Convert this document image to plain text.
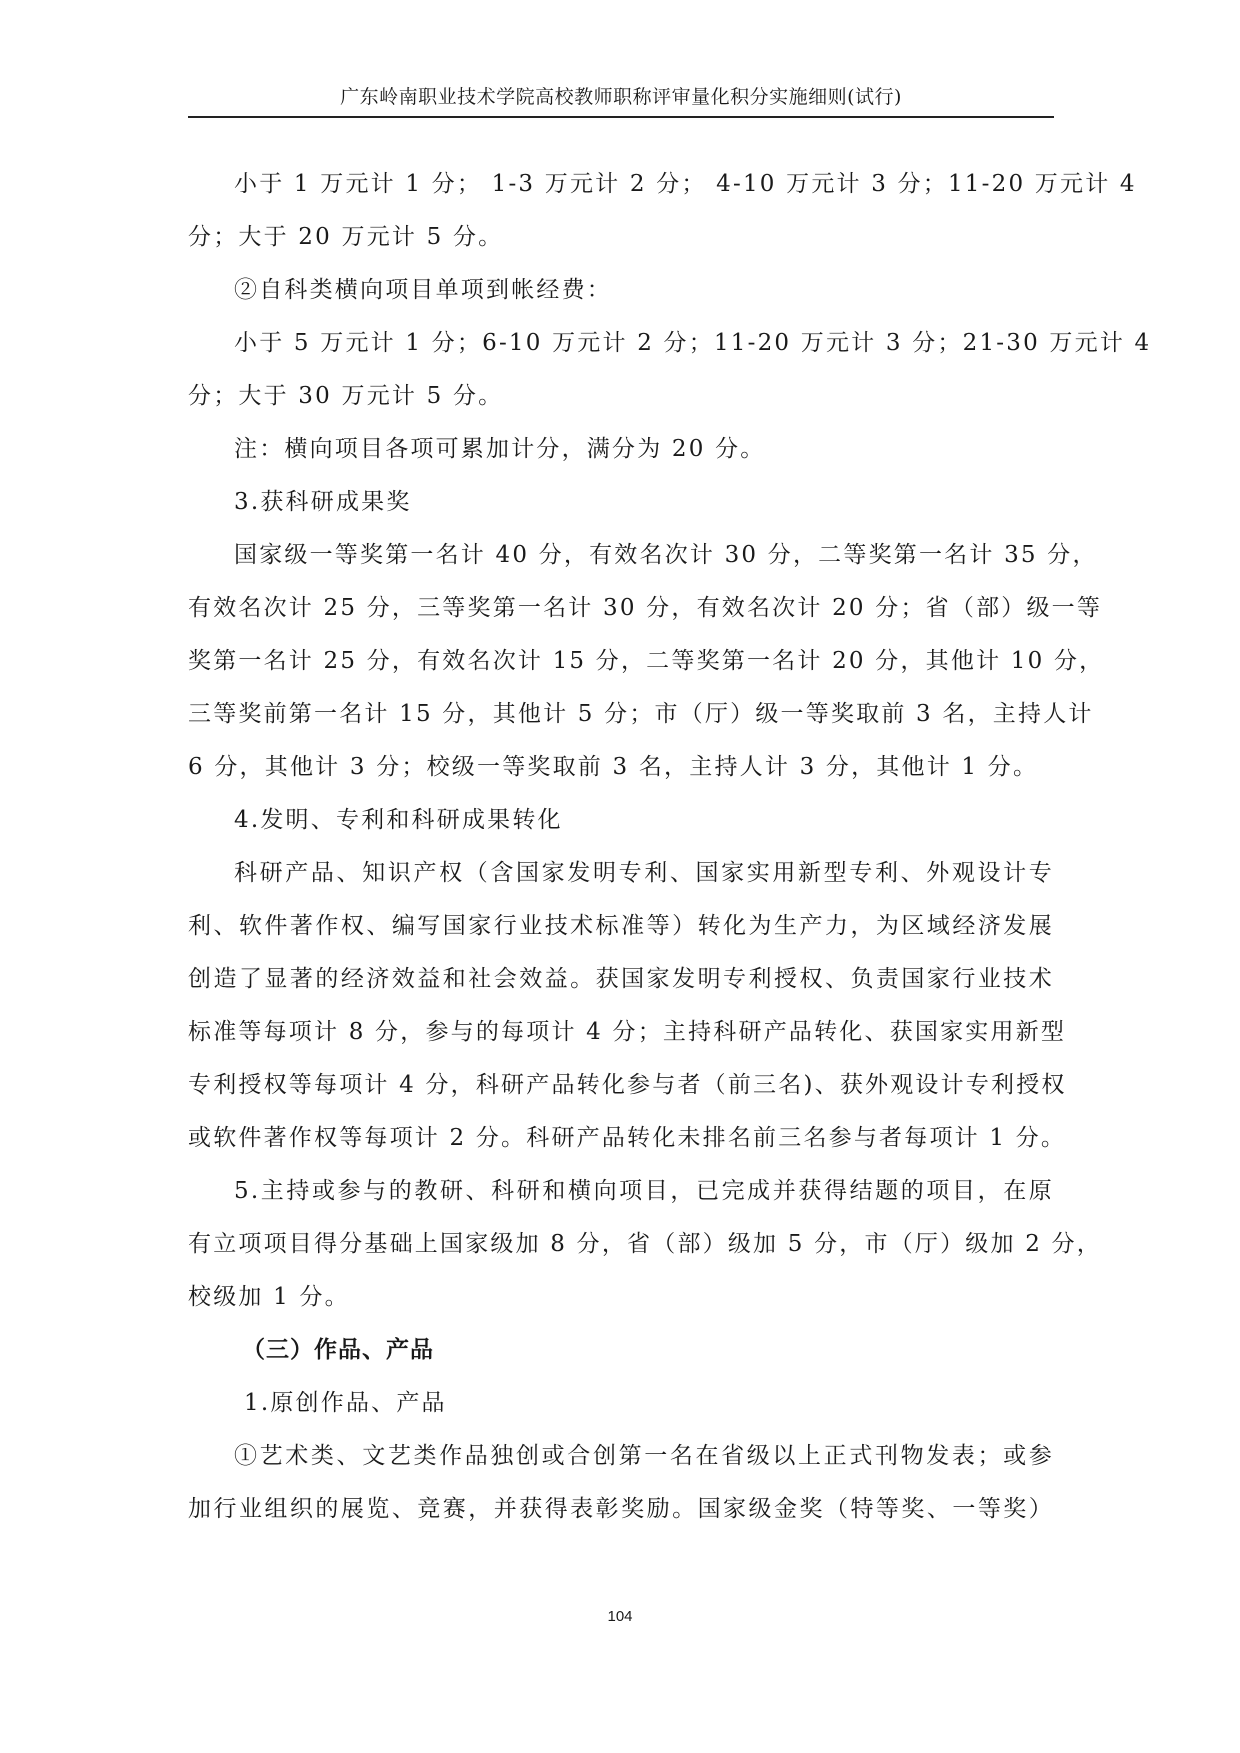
广东岭南职业技术学院高校教师职称评审量化积分实施细则(试行)
小于 1 万元计 1 分； 1-3 万元计 2 分； 4-10 万元计 3 分；11-20 万元计 4
分；大于 20 万元计 5 分。
②自科类横向项目单项到帐经费：
小于 5 万元计 1 分；6-10 万元计 2 分；11-20 万元计 3 分；21-30 万元计 4
分；大于 30 万元计 5 分。
注：横向项目各项可累加计分，满分为 20 分。
3.获科研成果奖
国家级一等奖第一名计 40 分，有效名次计 30 分，二等奖第一名计 35 分，
有效名次计 25 分，三等奖第一名计 30 分，有效名次计 20 分；省（部）级一等
奖第一名计 25 分，有效名次计 15 分，二等奖第一名计 20 分，其他计 10 分，
三等奖前第一名计 15 分，其他计 5 分；市（厅）级一等奖取前 3 名，主持人计
6 分，其他计 3 分；校级一等奖取前 3 名，主持人计 3 分，其他计 1 分。
4.发明、专利和科研成果转化
科研产品、知识产权（含国家发明专利、国家实用新型专利、外观设计专
利、软件著作权、编写国家行业技术标准等）转化为生产力，为区域经济发展
创造了显著的经济效益和社会效益。获国家发明专利授权、负责国家行业技术
标准等每项计 8 分，参与的每项计 4 分；主持科研产品转化、获国家实用新型
专利授权等每项计 4 分，科研产品转化参与者（前三名)、获外观设计专利授权
或软件著作权等每项计 2 分。科研产品转化未排名前三名参与者每项计 1 分。
5.主持或参与的教研、科研和横向项目，已完成并获得结题的项目，在原
有立项项目得分基础上国家级加 8 分，省（部）级加 5 分，市（厅）级加 2 分，
校级加 1 分。
（三）作品、产品
1.原创作品、产品
①艺术类、文艺类作品独创或合创第一名在省级以上正式刊物发表；或参
加行业组织的展览、竞赛，并获得表彰奖励。国家级金奖（特等奖、一等奖）
104
